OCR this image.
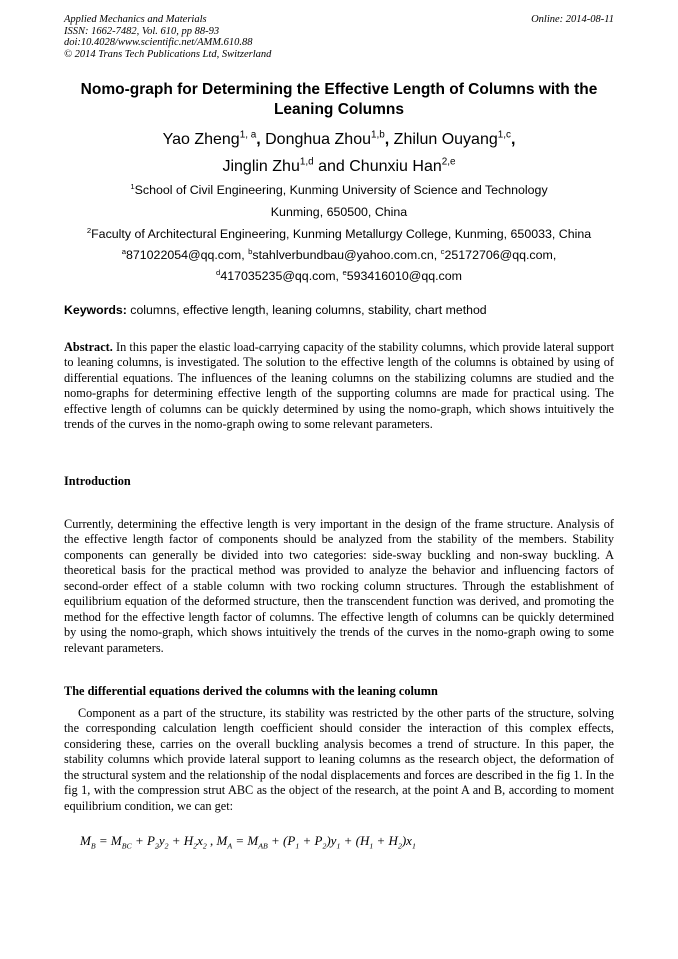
Applied Mechanics and Materials
ISSN: 1662-7482, Vol. 610, pp 88-93
doi:10.4028/www.scientific.net/AMM.610.88
© 2014 Trans Tech Publications Ltd, Switzerland
Online: 2014-08-11
Nomo-graph for Determining the Effective Length of Columns with the
Leaning Columns
Yao Zheng$^{1, a}$, Donghua Zhou$^{1,b}$, Zhilun Ouyang$^{1,c}$,
Jinglin Zhu$^{1,d}$ and Chunxiu Han$^{2,e}$
$^1$School of Civil Engineering, Kunming University of Science and Technology
Kunming, 650500, China
$^2$Faculty of Architectural Engineering, Kunming Metallurgy College, Kunming, 650033, China
$^a$871022054@qq.com, $^b$stahlverbundbau@yahoo.com.cn, $^c$25172706@qq.com,
$^d$417035235@qq.com, $^e$593416010@qq.com
Keywords: columns, effective length, leaning columns, stability, chart method

Abstract. In this paper the elastic load-carrying capacity of the stability columns, which provide lateral support to leaning columns, is investigated. The solution to the effective length of the columns is obtained by using of differential equations. The influences of the leaning columns on the stabilizing columns are studied and the nomo-graphs for determining effective length of the supporting columns are made for practical using. The effective length of columns can be quickly determined by using the nomo-graph, which shows intuitively the trends of the curves in the nomo-graph owing to some relevant parameters.

Introduction

Currently, determining the effective length is very important in the design of the frame structure. Analysis of the effective length factor of components should be analyzed from the stability of the members. Stability components can generally be divided into two categories: side-sway buckling and non-sway buckling. A theoretical basis for the practical method was provided to analyze the behavior and influencing factors of second-order effect of a stable column with two rocking column structures. Through the establishment of equilibrium equation of the deformed structure, then the transcendent function was derived, and promoting the method for the effective length factor of columns. The effective length of columns can be quickly determined by using the nomo-graph, which shows intuitively the trends of the curves in the nomo-graph owing to some relevant parameters.

The differential equations derived the columns with the leaning column

Component as a part of the structure, its stability was restricted by the other parts of the structure, solving the corresponding calculation length coefficient should consider the interaction of this complex effects, considering these, carries on the overall buckling analysis becomes a trend of structure. In this paper, the stability columns which provide lateral support to leaning columns as the research object, the deformation of the structural system and the relationship of the nodal displacements and forces are described in the fig 1. In the fig 1, with the compression strut ABC as the object of the research, at the point A and B, according to moment equilibrium condition, we can get:

$M_B = M_{BC} + P_2y_2 + H_2x_2$ , $M_A = M_{AB} + (P_1 + P_2)y_1 + (H_1 + H_2)x_1$
